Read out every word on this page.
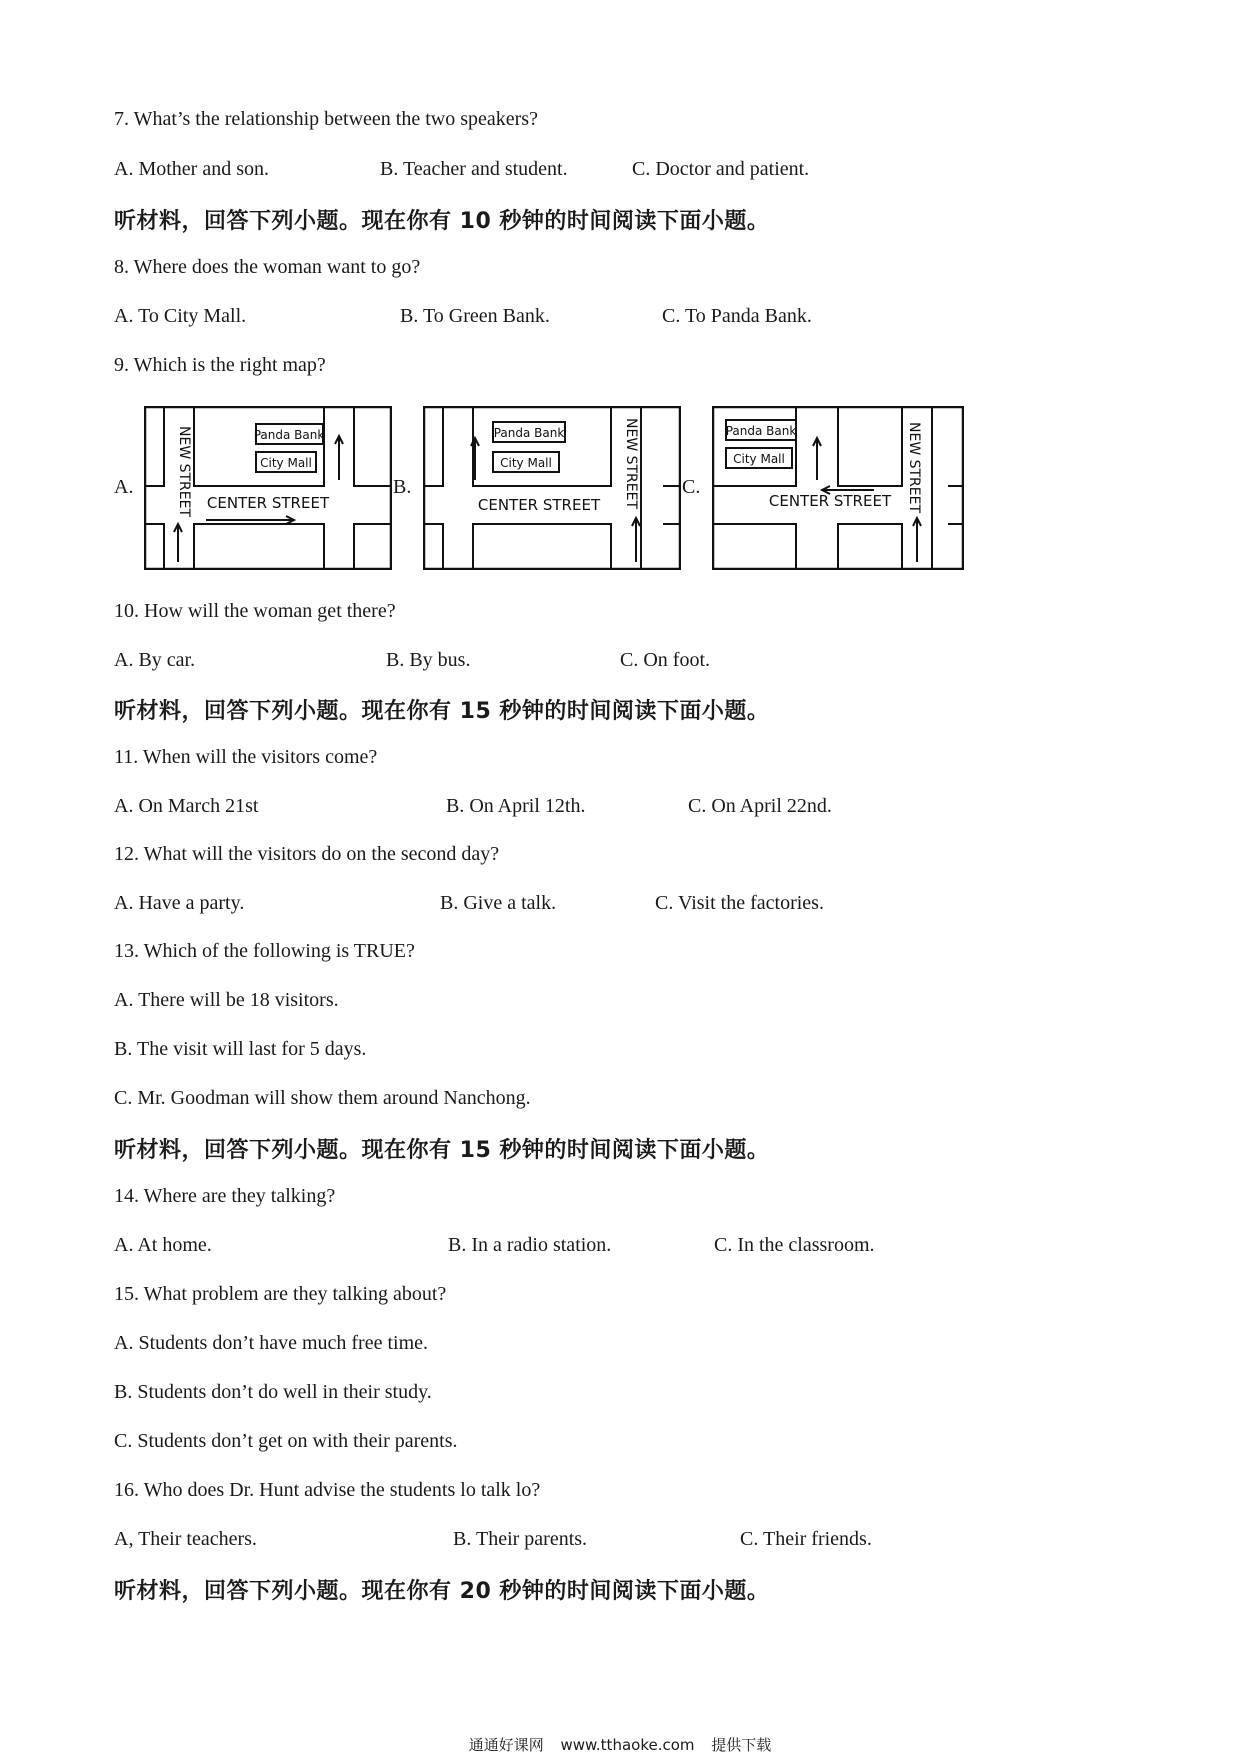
7. What’s the relationship between the two speakers?
A. Mother and son.	B. Teacher and student.	C. Doctor and patient.
听材料，回答下列小题。现在你有 10 秒钟的时间阅读下面小题。
8. Where does the woman want to go?
A. To City Mall.	B. To Green Bank.	C. To Panda Bank.
9. Which is the right map?
A.	B.	C.
Panda Bank
City Mall
CENTER STREET
NEW STREET	Panda Bank
City Mall
CENTER STREET NEW STREET	Panda Bank
City Mall
CENTER STREET NEW STREET
10. How will the woman get there?
A. By car.	B. By bus.	C. On foot.
听材料，回答下列小题。现在你有 15 秒钟的时间阅读下面小题。
11. When will the visitors come?
A. On March 21st	B. On April 12th.	C. On April 22nd.
12. What will the visitors do on the second day?
A. Have a party.	B. Give a talk.	C. Visit the factories.
13. Which of the following is TRUE?
A. There will be 18 visitors.
B. The visit will last for 5 days.
C. Mr. Goodman will show them around Nanchong.
听材料，回答下列小题。现在你有 15 秒钟的时间阅读下面小题。
14. Where are they talking?
A. At home.	B. In a radio station.	C. In the classroom.
15. What problem are they talking about?
A. Students don’t have much free time.
B. Students don’t do well in their study.
C. Students don’t get on with their parents.
16. Who does Dr. Hunt advise the students lo talk lo?
A, Their teachers.	B. Their parents.	C. Their friends.
听材料，回答下列小题。现在你有 20 秒钟的时间阅读下面小题。
通通好课网 www.tthaoke.com 提供下载
